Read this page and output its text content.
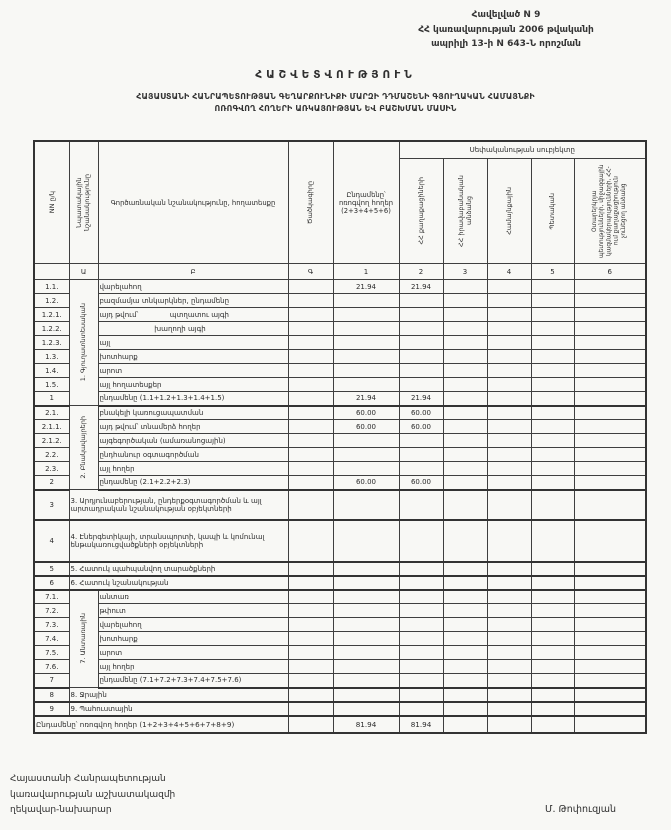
Հավելված N 9
ՀՀ կառավարության 2006 թվականի
ապրիլի 13-ի N 643-Ն որոշման
ՀԱՇՎԵՏՎՈՒԹՅՈՒՆ
ՀԱՅԱՍՏԱՆԻ ՀԱՆՐԱՊԵՏՈՒԹՅԱՆ ԳԵՂԱՐՔՈՒՆԻՔԻ ՄԱՐԶԻ ԴԴՄԱՇԵՆԻ ԳՅՈՒՂԱԿԱՆ ՀԱՄԱՅՆՔԻ
ՈՌՈԳՎՈՂ ՀՈՂԵՐԻ ԱՌԿԱՅՈՒԹՅԱՆ ԵՎ ԲԱՇԽՄԱՆ ՄԱՍԻՆ
NN ը/կ	Նպատակային նշանակությունը	Գործառնական նշանակությունը, հողատեսքը	Ծածկագիրը	Ընդամենը՝ ոռոգվող հողեր (2+3+4+5+6)	Սեփականության սուբյեկտը				

					ՀՀ քաղաքացիների	ՀՀ իրավաբանական անձանց	Համայնքային	Պետական	Օտարերկրյա պետությունների, միջազգային կազմակերպությունների, ՀՀ-ում քաղաքացիություն չունեցող անձանց

	Ա	Բ	Գ	1	2	3	4	5	6
1.1.	1. Գյուղատնտեսական	վարելահող		21.94	21.94				
1.2.		բազմամյա տնկարկներ, ընդամենը							
1.2.1.		այդ թվում՝ պտղատու այգի							

1.2.2.		խաղողի այգի							

1.2.3.		այլ							
1.3.		խոտհարք							
1.4.		արոտ							
1.5.		այլ հողատեսքեր							
1		ընդամենը (1.1+1.2+1.3+1.4+1.5)		21.94	21.94				
2.1.	2. Բնակավայրերի	բնակելի կառուցապատման		60.00	60.00				
2.1.1.		այդ թվում՝ տնամերձ հողեր		60.00	60.00				
2.1.2.		այգեգործական (ամառանոցային)							
2.2.		ընդհանուր օգտագործման							
2.3.		այլ հողեր							
2		ընդամենը (2.1+2.2+2.3)		60.00	60.00				
3	3. Արդյունաբերության, ընդերքօգտագործման և այլ արտադրական նշանակության օբյեկտների								
4	4. Էներգետիկայի, տրանսպորտի, կապի և կոմունալ ենթակառուցվածքների օբյեկտների								
5	5. Հատուկ պահպանվող տարածքների								
6	6. Հատուկ նշանակության								
7.1.	7. Անտառային	անտառ							
7.2.		թփուտ							
7.3.		վարելահող							
7.4.		խոտհարք							
7.5.		արոտ							
7.6.		այլ հողեր							
7		ընդամենը (7.1+7.2+7.3+7.4+7.5+7.6)							
8	8. Ջրային								
9	9. Պահուստային								
Ընդամենը՝ ոռոգվող հողեր (1+2+3+4+5+6+7+8+9)				81.94	81.94				
Հայաստանի Հանրապետության
կառավարության աշխատակազմի
ղեկավար-նախարար	Մ. Թոփուզյան
